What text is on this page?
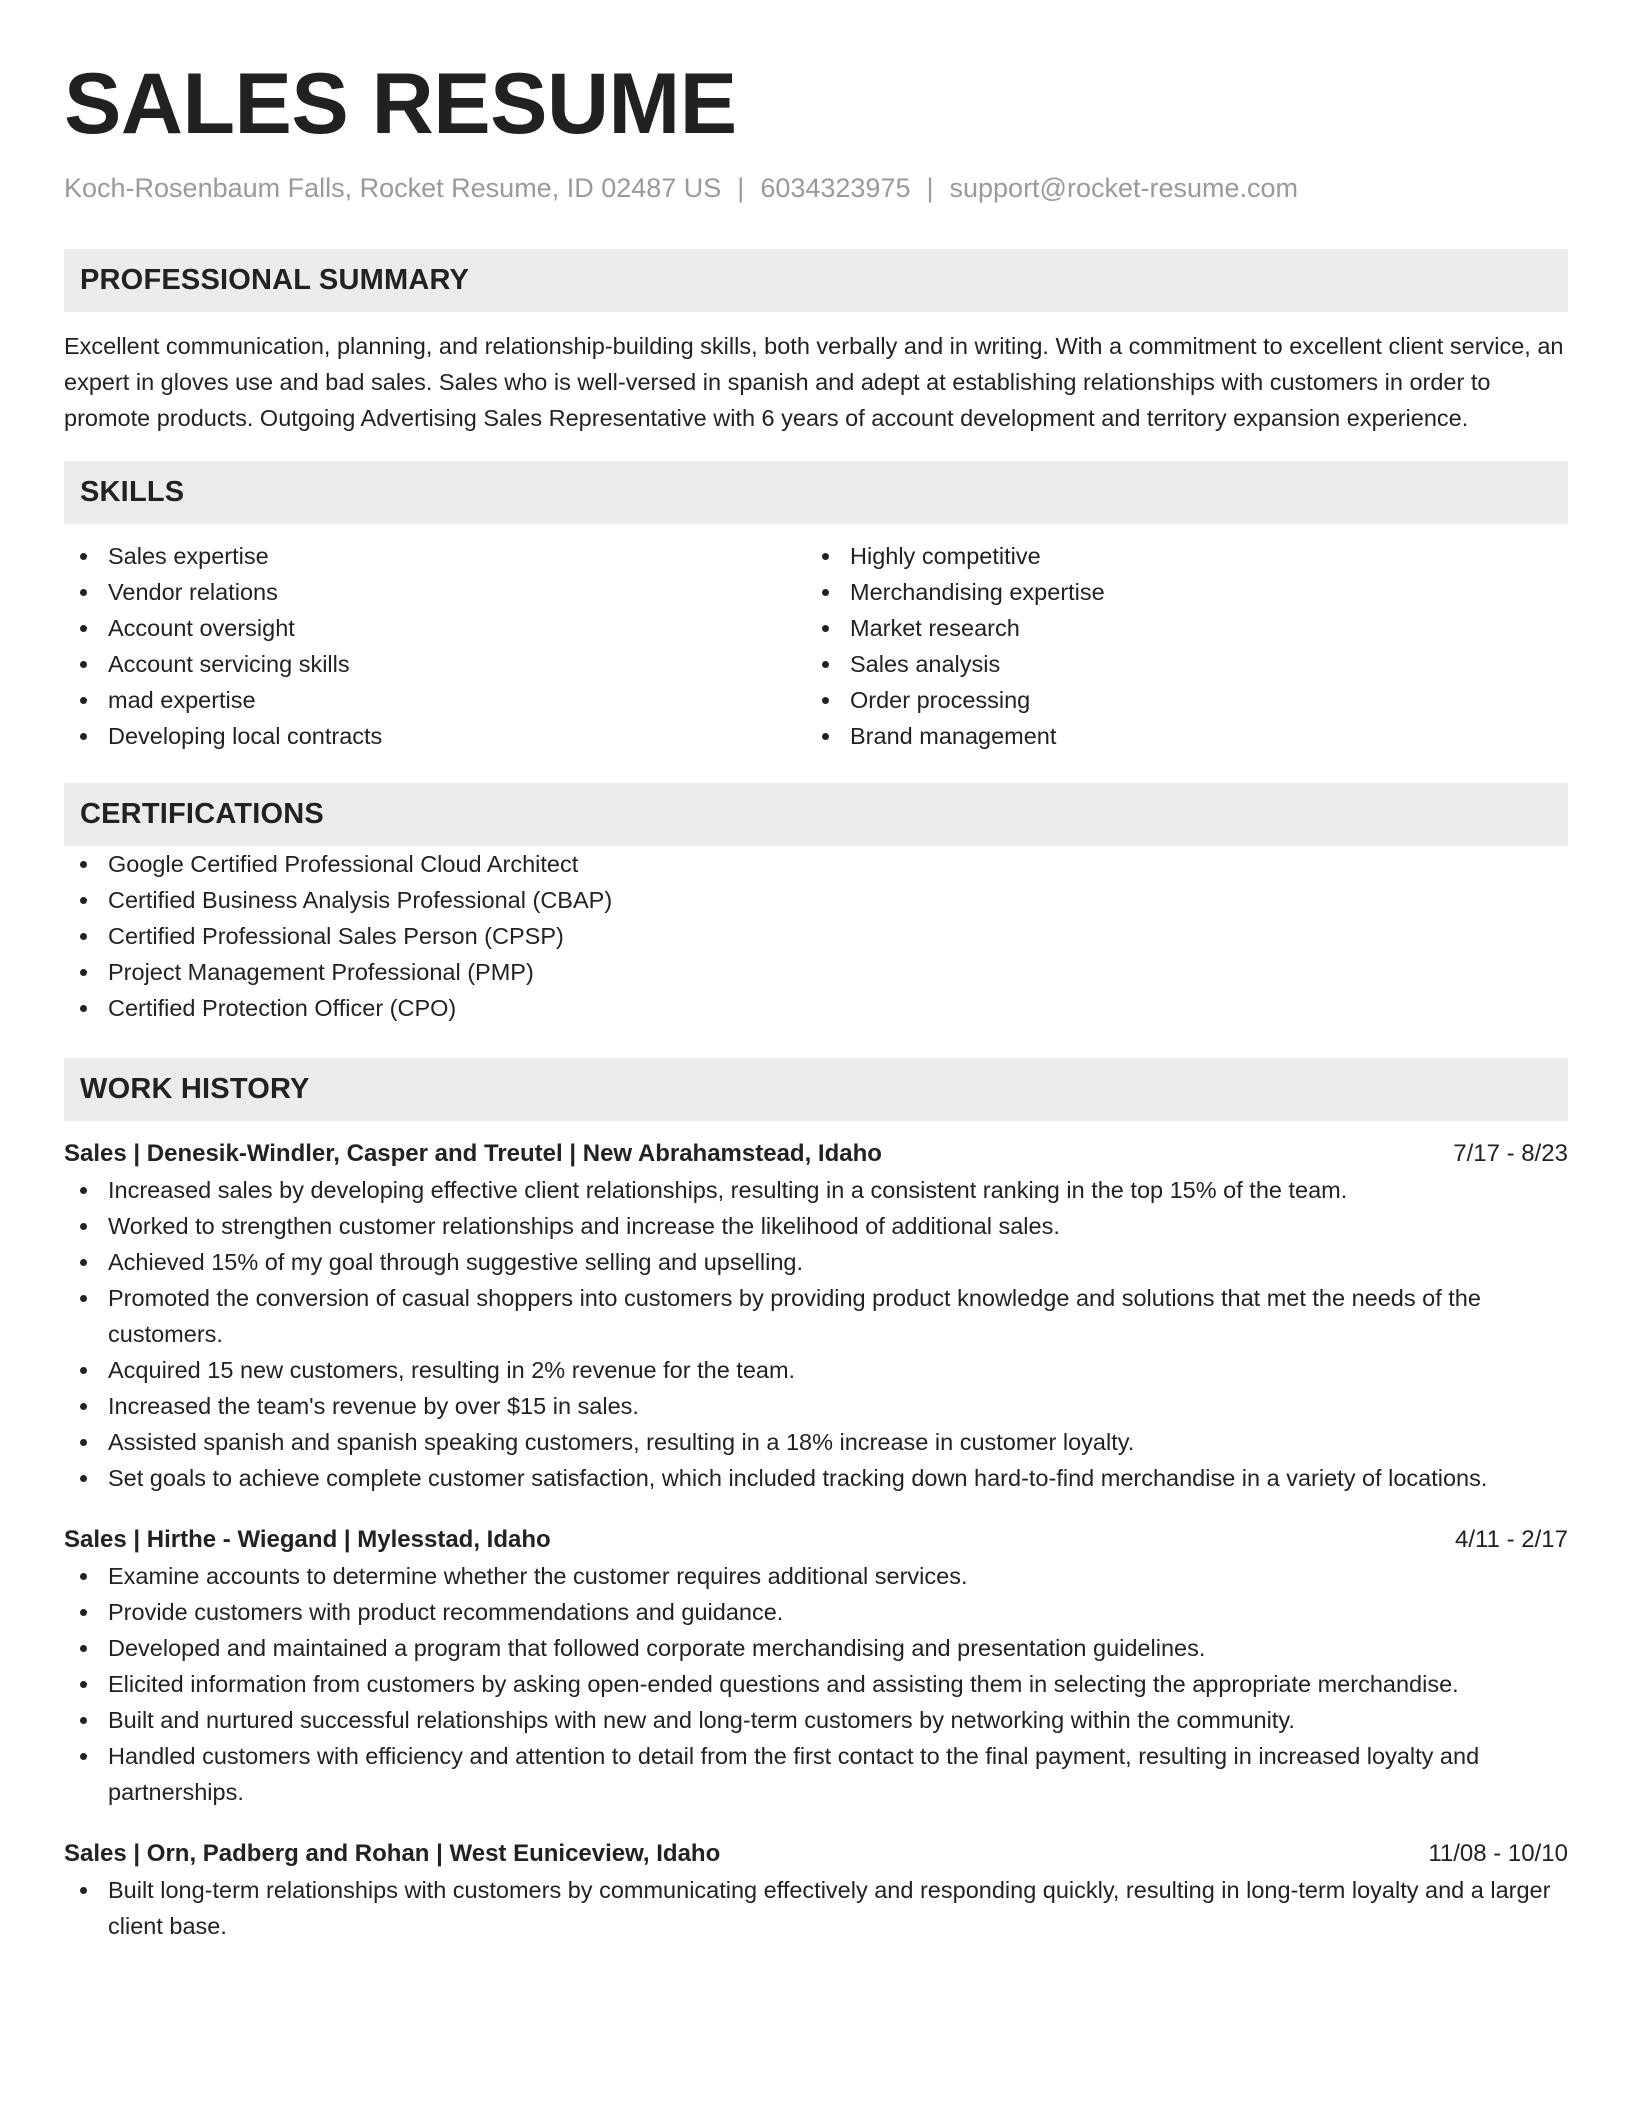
SALES RESUME
Koch-Rosenbaum Falls, Rocket Resume, ID 02487 US | 6034323975 | support@rocket-resume.com
PROFESSIONAL SUMMARY

Excellent communication, planning, and relationship-building skills, both verbally and in writing. With a commitment to excellent client service, an expert in gloves use and bad sales. Sales who is well-versed in spanish and adept at establishing relationships with customers in order to promote products. Outgoing Advertising Sales Representative with 6 years of account development and territory expansion experience.

SKILLS
Sales expertise
Vendor relations
Account oversight
Account servicing skills
mad expertise
Developing local contracts
Highly competitive
Merchandising expertise
Market research
Sales analysis
Order processing
Brand management
CERTIFICATIONS
Google Certified Professional Cloud Architect
Certified Business Analysis Professional (CBAP)
Certified Professional Sales Person (CPSP)
Project Management Professional (PMP)
Certified Protection Officer (CPO)
WORK HISTORY
Sales | Denesik-Windler, Casper and Treutel | New Abrahamstead, Idaho	7/17 - 8/23
Increased sales by developing effective client relationships, resulting in a consistent ranking in the top 15% of the team.
Worked to strengthen customer relationships and increase the likelihood of additional sales.
Achieved 15% of my goal through suggestive selling and upselling.
Promoted the conversion of casual shoppers into customers by providing product knowledge and solutions that met the needs of the customers.
Acquired 15 new customers, resulting in 2% revenue for the team.
Increased the team's revenue by over $15 in sales.
Assisted spanish and spanish speaking customers, resulting in a 18% increase in customer loyalty.
Set goals to achieve complete customer satisfaction, which included tracking down hard-to-find merchandise in a variety of locations.
Sales | Hirthe - Wiegand | Mylesstad, Idaho	4/11 - 2/17
Examine accounts to determine whether the customer requires additional services.
Provide customers with product recommendations and guidance.
Developed and maintained a program that followed corporate merchandising and presentation guidelines.
Elicited information from customers by asking open-ended questions and assisting them in selecting the appropriate merchandise.
Built and nurtured successful relationships with new and long-term customers by networking within the community.
Handled customers with efficiency and attention to detail from the first contact to the final payment, resulting in increased loyalty and partnerships.
Sales | Orn, Padberg and Rohan | West Euniceview, Idaho	11/08 - 10/10
Built long-term relationships with customers by communicating effectively and responding quickly, resulting in long-term loyalty and a larger client base.
